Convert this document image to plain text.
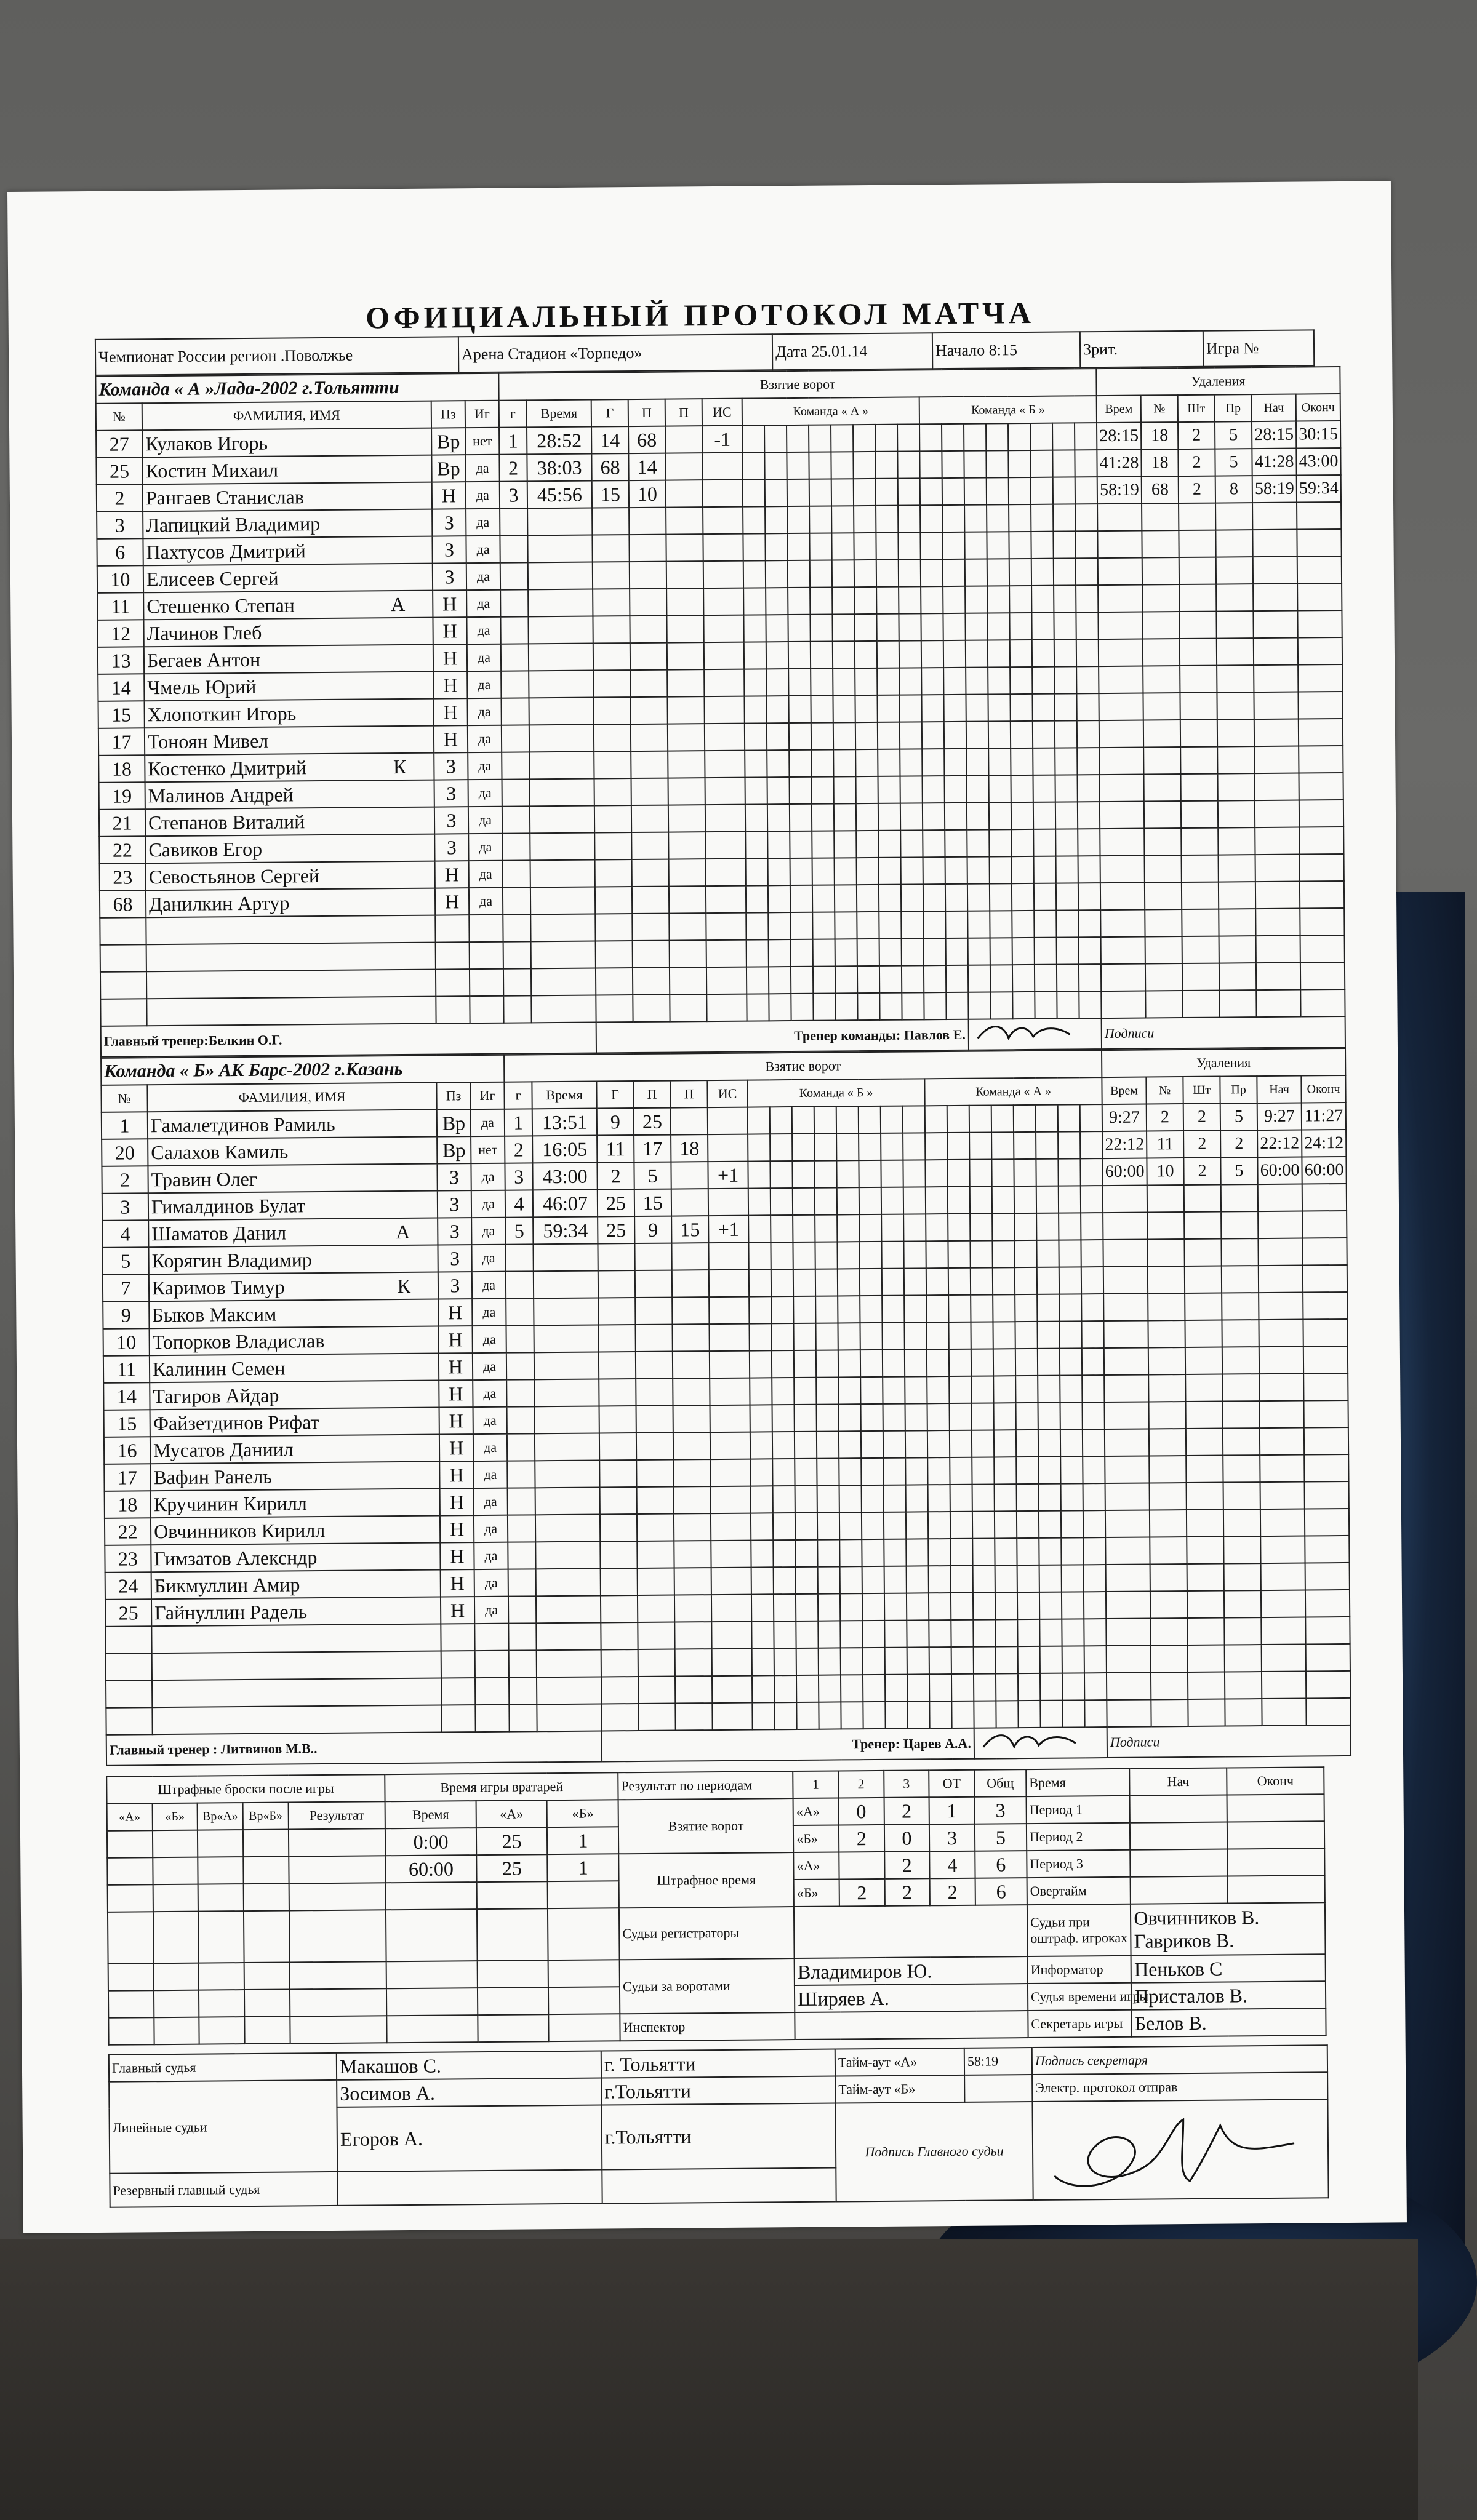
ОФИЦИАЛЬНЫЙ ПРОТОКОЛ МАТЧА
Чемпионат России регион .Поволжье	Арена Стадион «Торпедо»	Дата 25.01.14	Начало 8:15	Зрит.	Игра №
Команда « А »Лада-2002 г.Тольятти				Взятие ворот																						Удаления					
№	ФАМИЛИЯ, ИМЯ	Пз	Иг	г	Время	Г	П	П	ИС	Команда « А »								Команда « Б »								Врем	№	Шт	Пр	Нач	Оконч
27	Кулаков Игорь	Вр	нет	1	28:52	14	68		-1																	28:15	18	2	5	28:15	30:15
25	Костин Михаил	Вр	да	2	38:03	68	14																			41:28	18	2	5	41:28	43:00
2	Рангаев Станислав	Н	да	3	45:56	15	10																			58:19	68	2	8	58:19	59:34
3	Лапицкий Владимир	З	да																												
6	Пахтусов Дмитрий	З	да																												
10	Елисеев Сергей	З	да																												
11	Стешенко Степан А	Н	да																												
12	Лачинов Глеб	Н	да																												
13	Бегаев Антон	Н	да																												
14	Чмель Юрий	Н	да																												
15	Хлопоткин Игорь	Н	да																												
17	Тоноян Мивел	Н	да																												
18	Костенко Дмитрий К	З	да																												
19	Малинов Андрей	З	да																												
21	Степанов Виталий	З	да																												
22	Савиков Егор	З	да																												
23	Севостьянов Сергей	Н	да																												
68	Данилкин Артур	Н	да																												

Главный тренер:Белкин О.Г.						Тренер команды: Павлов Е.																				Подписи					
Команда « Б» АК Барс-2002 г.Казань				Взятие ворот																						Удаления					
№	ФАМИЛИЯ, ИМЯ	Пз	Иг	г	Время	Г	П	П	ИС	Команда « Б »								Команда « А »								Врем	№	Шт	Пр	Нач	Оконч
1	Гамалетдинов Рамиль	Вр	да	1	13:51	9	25																			9:27	2	2	5	9:27	11:27
20	Салахов Камиль	Вр	нет	2	16:05	11	17	18																		22:12	11	2	2	22:12	24:12
2	Травин Олег	З	да	3	43:00	2	5		+1																	60:00	10	2	5	60:00	60:00
3	Гималдинов Булат	З	да	4	46:07	25	15																								
4	Шаматов Данил А	З	да	5	59:34	25	9	15	+1																						
5	Корягин Владимир	З	да																												
7	Каримов Тимур К	З	да																												
9	Быков Максим	Н	да																												
10	Топорков Владислав	Н	да																												
11	Калинин Семен	Н	да																												
14	Тагиров Айдар	Н	да																												
15	Файзетдинов Рифат	Н	да																												
16	Мусатов Даниил	Н	да																												
17	Вафин Ранель	Н	да																												
18	Кручинин Кирилл	Н	да																												
22	Овчинников Кирилл	Н	да																												
23	Гимзатов Алексндр	Н	да																												
24	Бикмуллин Амир	Н	да																												
25	Гайнуллин Радель	Н	да																												

Главный тренер : Литвинов М.В..						Тренер: Царев А.А.																				Подписи					
Штрафные броски после игры					Время игры вратарей			Результат по периодам	1	2	3	ОТ	Общ	Время	Нач	Оконч
«А»	«Б»	Вр«А»	Вр«Б»	Результат	Время	«А»	«Б»	Взятие ворот	«А»	0	2	1	3	Период 1		
					0:00	25	1		«Б»	2	0	3	5	Период 2		
					60:00	25	1	Штрафное время	«А»		2	4	6	Период 3		
									«Б»	2	2	2	6	Овертайм		
								Судьи регистраторы						Судьи при оштраф. игроках	Овчинников В.
Гавриков В.	

								Судьи за воротами	Владимиров Ю.					Информатор	Пеньков С	
									Ширяев А.					Судья времени игры	Присталов В.	
								Инспектор						Секретарь игры	Белов В.	
Главный судья	Макашов С.	г. Тольятти	Тайм-аут «А»	58:19	Подпись секретаря
Линейные судьи	Зосимов А.	г.Тольятти	Тайм-аут «Б»		Электр. протокол отправ
	Егоров А.	г.Тольятти	Подпись Главного судьи	
Резервный главный судья					
